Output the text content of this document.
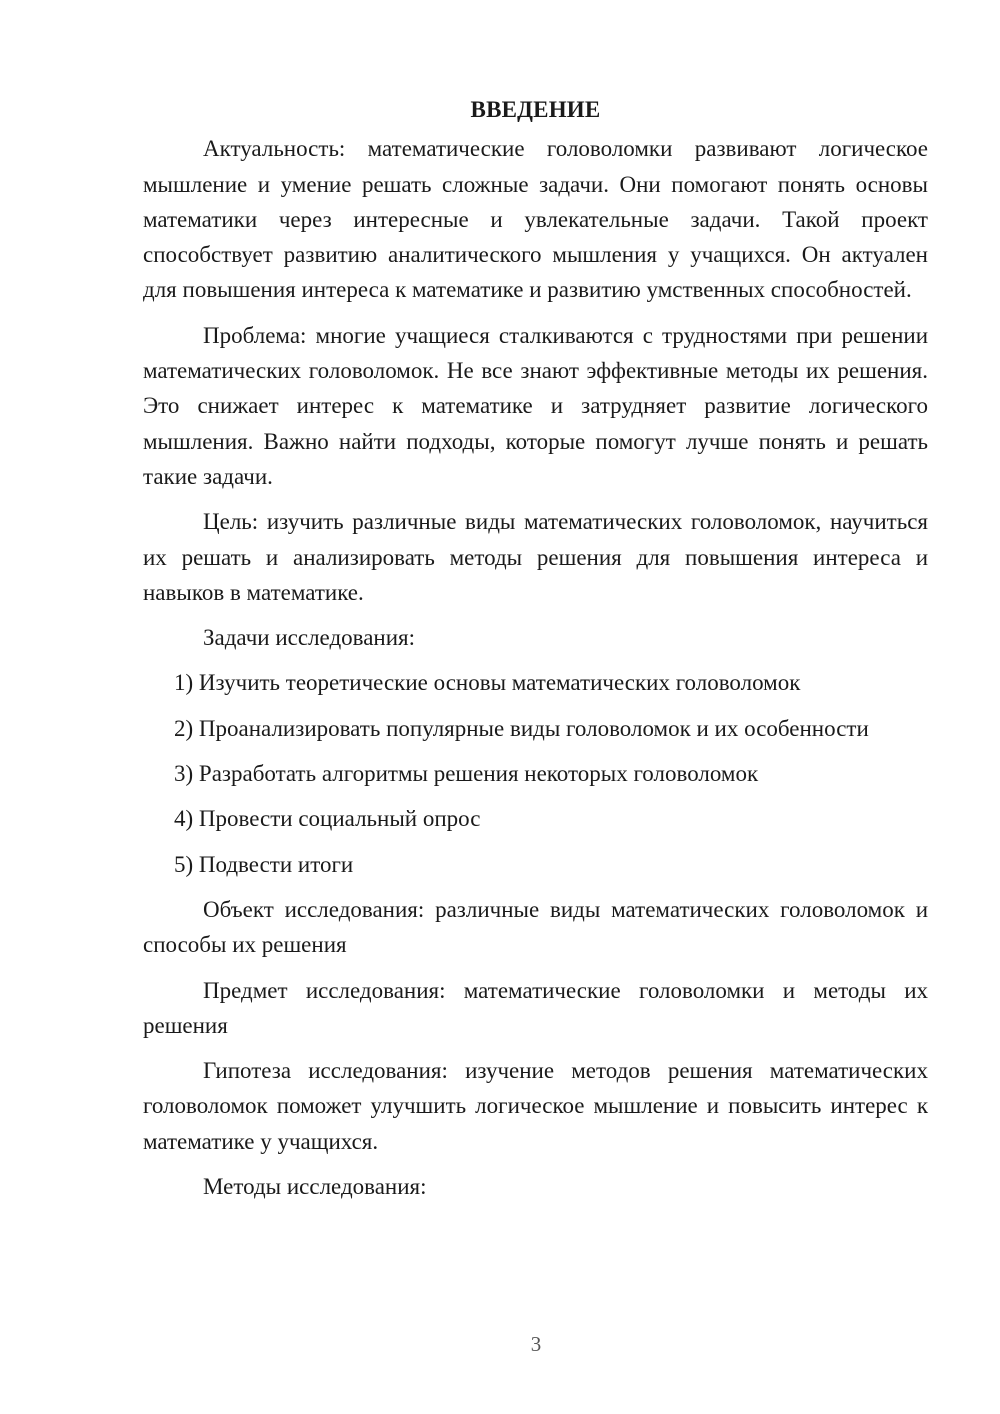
ВВЕДЕНИЕ

Актуальность: математические головоломки развивают логическое мышление и умение решать сложные задачи. Они помогают понять основы математики через интересные и увлекательные задачи. Такой проект способствует развитию аналитического мышления у учащихся. Он актуален для повышения интереса к математике и развитию умственных способностей.

Проблема: многие учащиеся сталкиваются с трудностями при решении математических головоломок. Не все знают эффективные методы их решения. Это снижает интерес к математике и затрудняет развитие логического мышления. Важно найти подходы, которые помогут лучше понять и решать такие задачи.

Цель: изучить различные виды математических головоломок, научиться их решать и анализировать методы решения для повышения интереса и навыков в математике.

Задачи исследования:

1) Изучить теоретические основы математических головоломок

2) Проанализировать популярные виды головоломок и их особенности

3) Разработать алгоритмы решения некоторых головоломок

4) Провести социальный опрос

5) Подвести итоги

Объект исследования: различные виды математических головоломок и способы их решения

Предмет исследования: математические головоломки и методы их решения

Гипотеза исследования: изучение методов решения математических головоломок поможет улучшить логическое мышление и повысить интерес к математике у учащихся.

Методы исследования:

3
